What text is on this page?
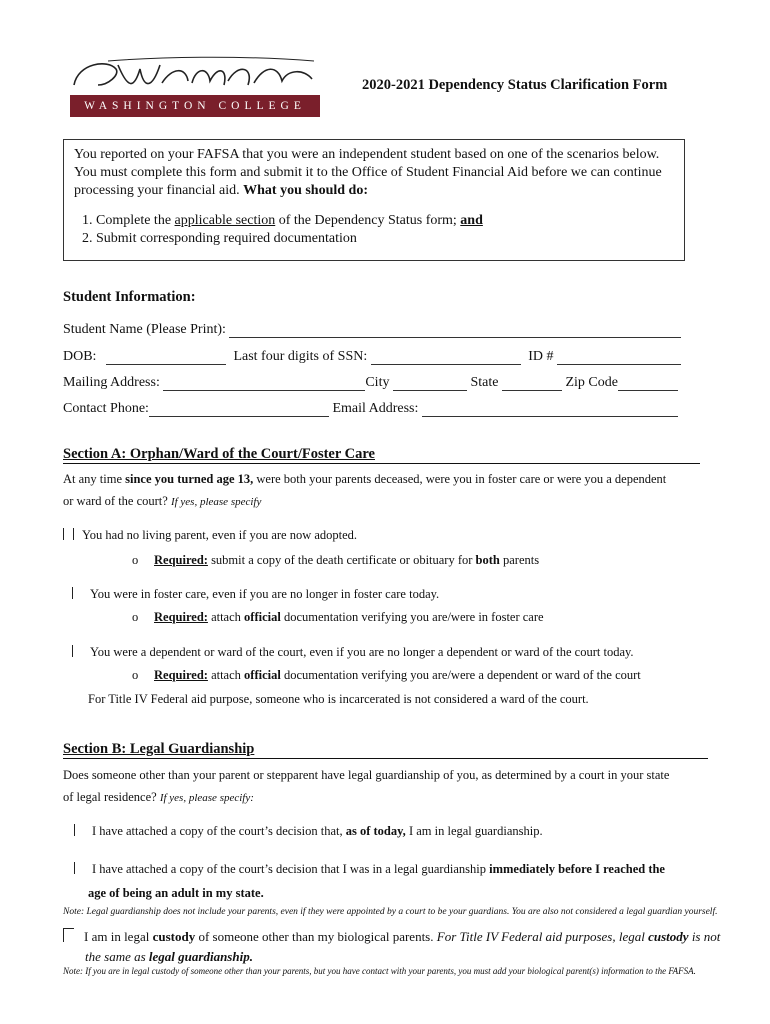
WASHINGTON COLLEGE
2020-2021 Dependency Status Clarification Form
You reported on your FAFSA that you were an independent student based on one of the scenarios below. You must complete this form and submit it to the Office of Student Financial Aid before we can continue processing your financial aid. What you should do:
1. Complete the applicable section of the Dependency Status form; and
2. Submit corresponding required documentation
Student Information:
Student Name (Please Print):
DOB:	Last four digits of SSN:	ID #
Mailing Address:	City	State	Zip Code
Contact Phone:	Email Address:
Section A: Orphan/Ward of the Court/Foster Care
At any time since you turned age 13, were both your parents deceased, were you in foster care or were you a dependent
or ward of the court? If yes, please specify
You had no living parent, even if you are now adopted.
o Required: submit a copy of the death certificate or obituary for both parents
You were in foster care, even if you are no longer in foster care today.
o Required: attach official documentation verifying you are/were in foster care
You were a dependent or ward of the court, even if you are no longer a dependent or ward of the court today.
o Required: attach official documentation verifying you are/were a dependent or ward of the court
For Title IV Federal aid purpose, someone who is incarcerated is not considered a ward of the court.
Section B: Legal Guardianship
Does someone other than your parent or stepparent have legal guardianship of you, as determined by a court in your state
of legal residence? If yes, please specify:
I have attached a copy of the court’s decision that, as of today, I am in legal guardianship.
I have attached a copy of the court’s decision that I was in a legal guardianship immediately before I reached the
age of being an adult in my state.
Note: Legal guardianship does not include your parents, even if they were appointed by a court to be your guardians. You are also not considered a legal guardian yourself.
I am in legal custody of someone other than my biological parents. For Title IV Federal aid purposes, legal custody is not
the same as legal guardianship.
Note: If you are in legal custody of someone other than your parents, but you have contact with your parents, you must add your biological parent(s) information to the FAFSA.
